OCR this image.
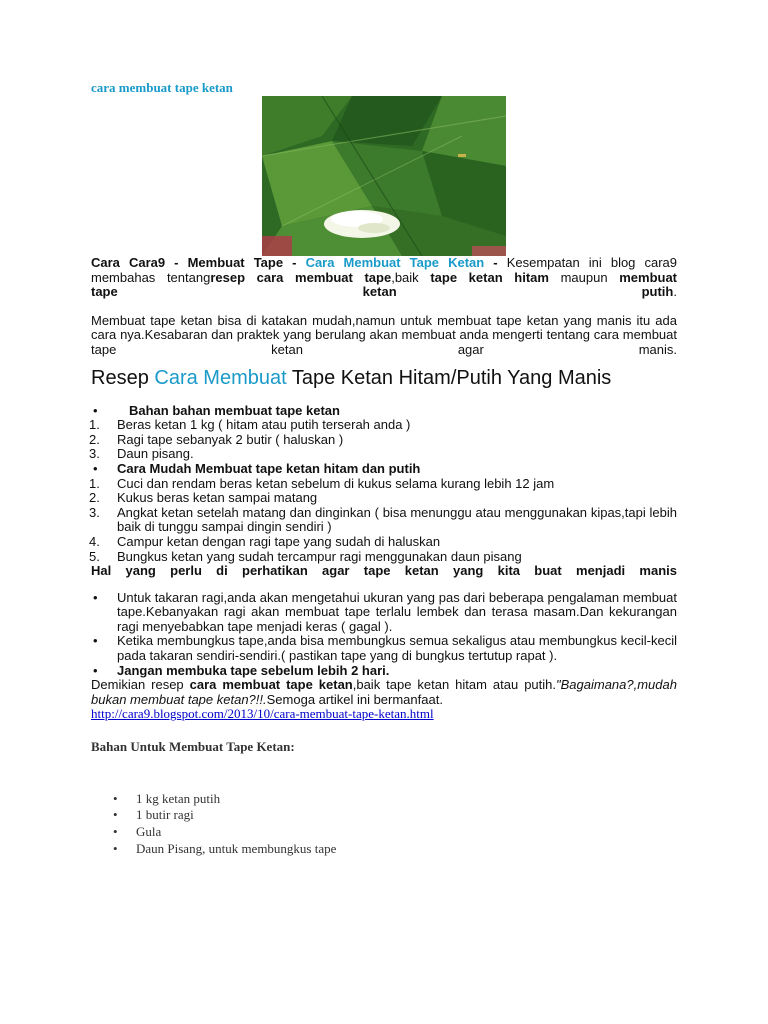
cara membuat tape ketan
Cara Cara9 - Membuat Tape - Cara Membuat Tape Ketan - Kesempatan ini blog cara9
membahas tentangresep cara membuat tape,baik tape ketan hitam maupun membuat
tape ketan putih.

Membuat tape ketan bisa di katakan mudah,namun untuk membuat tape ketan yang manis itu ada cara nya.Kesabaran dan praktek yang berulang akan membuat anda mengerti tentang cara membuat tape ketan agar manis.

Resep Cara Membuat Tape Ketan Hitam/Putih Yang Manis
• Bahan bahan membuat tape ketan
1.	Beras ketan 1 kg ( hitam atau putih terserah anda )
2.	Ragi tape sebanyak 2 butir ( haluskan )
3.	Daun pisang.
• Cara Mudah Membuat tape ketan hitam dan putih
1.	Cuci dan rendam beras ketan sebelum di kukus selama kurang lebih 12 jam
2.	Kukus beras ketan sampai matang
3.	Angkat ketan setelah matang dan dinginkan ( bisa menunggu atau menggunakan kipas,tapi lebih baik di tunggu sampai dingin sendiri )
4.	Campur ketan dengan ragi tape yang sudah di haluskan
5.	Bungkus ketan yang sudah tercampur ragi menggunakan daun pisang
Hal yang perlu di perhatikan agar tape ketan yang kita buat menjadi manis
• Untuk takaran ragi,anda akan mengetahui ukuran yang pas dari beberapa pengalaman membuat tape.Kebanyakan ragi akan membuat tape terlalu lembek dan terasa masam.Dan kekurangan ragi menyebabkan tape menjadi keras ( gagal ).
• Ketika membungkus tape,anda bisa membungkus semua sekaligus atau membungkus kecil-kecil pada takaran sendiri-sendiri.( pastikan tape yang di bungkus tertutup rapat ).
• Jangan membuka tape sebelum lebih 2 hari.

Demikian resep cara membuat tape ketan,baik tape ketan hitam atau putih."Bagaimana?,mudah bukan membuat tape ketan?!!.Semoga artikel ini bermanfaat.

http://cara9.blogspot.com/2013/10/cara-membuat-tape-ketan.html
Bahan Untuk Membuat Tape Ketan:
• 1 kg ketan putih
• 1 butir ragi
• Gula
• Daun Pisang, untuk membungkus tape
